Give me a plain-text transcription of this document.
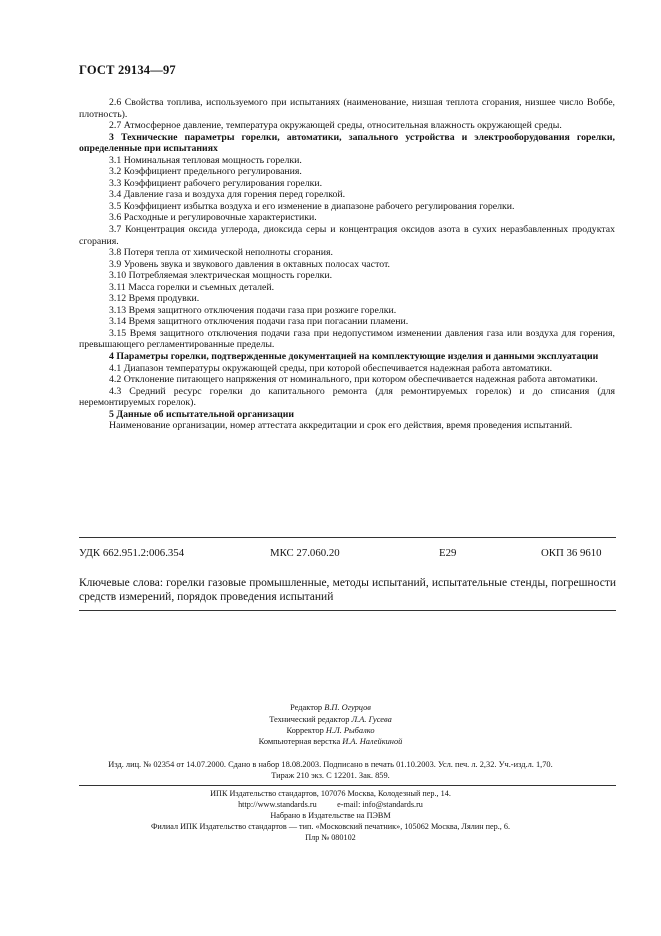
ГОСТ 29134—97

2.6 Свойства топлива, используемого при испытаниях (наименование, низшая теплота сгорания, низшее число Воббе, плотность).

2.7 Атмосферное давление, температура окружающей среды, относительная влажность окружающей среды.

3 Технические параметры горелки, автоматики, запального устройства и электрооборудования горелки, определенные при испытаниях

3.1 Номинальная тепловая мощность горелки.

3.2 Коэффициент предельного регулирования.

3.3 Коэффициент рабочего регулирования горелки.

3.4 Давление газа и воздуха для горения перед горелкой.

3.5 Коэффициент избытка воздуха и его изменение в диапазоне рабочего регулирования горелки.

3.6 Расходные и регулировочные характеристики.

3.7 Концентрация оксида углерода, диоксида серы и концентрация оксидов азота в сухих неразбавленных продуктах сгорания.

3.8 Потеря тепла от химической неполноты сгорания.

3.9 Уровень звука и звукового давления в октавных полосах частот.

3.10 Потребляемая электрическая мощность горелки.

3.11 Масса горелки и съемных деталей.

3.12 Время продувки.

3.13 Время защитного отключения подачи газа при розжиге горелки.

3.14 Время защитного отключения подачи газа при погасании пламени.

3.15 Время защитного отключения подачи газа при недопустимом изменении давления газа или воздуха для горения, превышающего регламентированные пределы.

4 Параметры горелки, подтвержденные документацией на комплектующие изделия и данными эксплуатации

4.1 Диапазон температуры окружающей среды, при которой обеспечивается надежная работа автоматики.

4.2 Отклонение питающего напряжения от номинального, при котором обеспечивается надежная работа автоматики.

4.3 Средний ресурс горелки до капитального ремонта (для ремонтируемых горелок) и до списания (для неремонтируемых горелок).

5 Данные об испытательной организации

Наименование организации, номер аттестата аккредитации и срок его действия, время проведения испытаний.

УДК 662.951.2:006.354	МКС 27.060.20	Е29	ОКП 36 9610
Ключевые слова: горелки газовые промышленные, методы испытаний, испытательные стенды, погрешности средств измерений, порядок проведения испытаний
Редактор В.П. Огурцов
Технический редактор Л.А. Гусева
Корректор Н.Л. Рыбалко
Компьютерная верстка И.А. Налейкиной
Изд. лиц. № 02354 от 14.07.2000. Сдано в набор 18.08.2003. Подписано в печать 01.10.2003. Усл. печ. л. 2,32. Уч.-изд.л. 1,70.
Тираж 210 экз. С 12201. Зак. 859.
ИПК Издательство стандартов, 107076 Москва, Колодезный пер., 14.
http://www.standards.ru          e-mail: info@standards.ru
Набрано в Издательстве на ПЭВМ
Филиал ИПК Издательство стандартов — тип. «Московский печатник», 105062 Москва, Лялин пер., 6.
Плр № 080102
